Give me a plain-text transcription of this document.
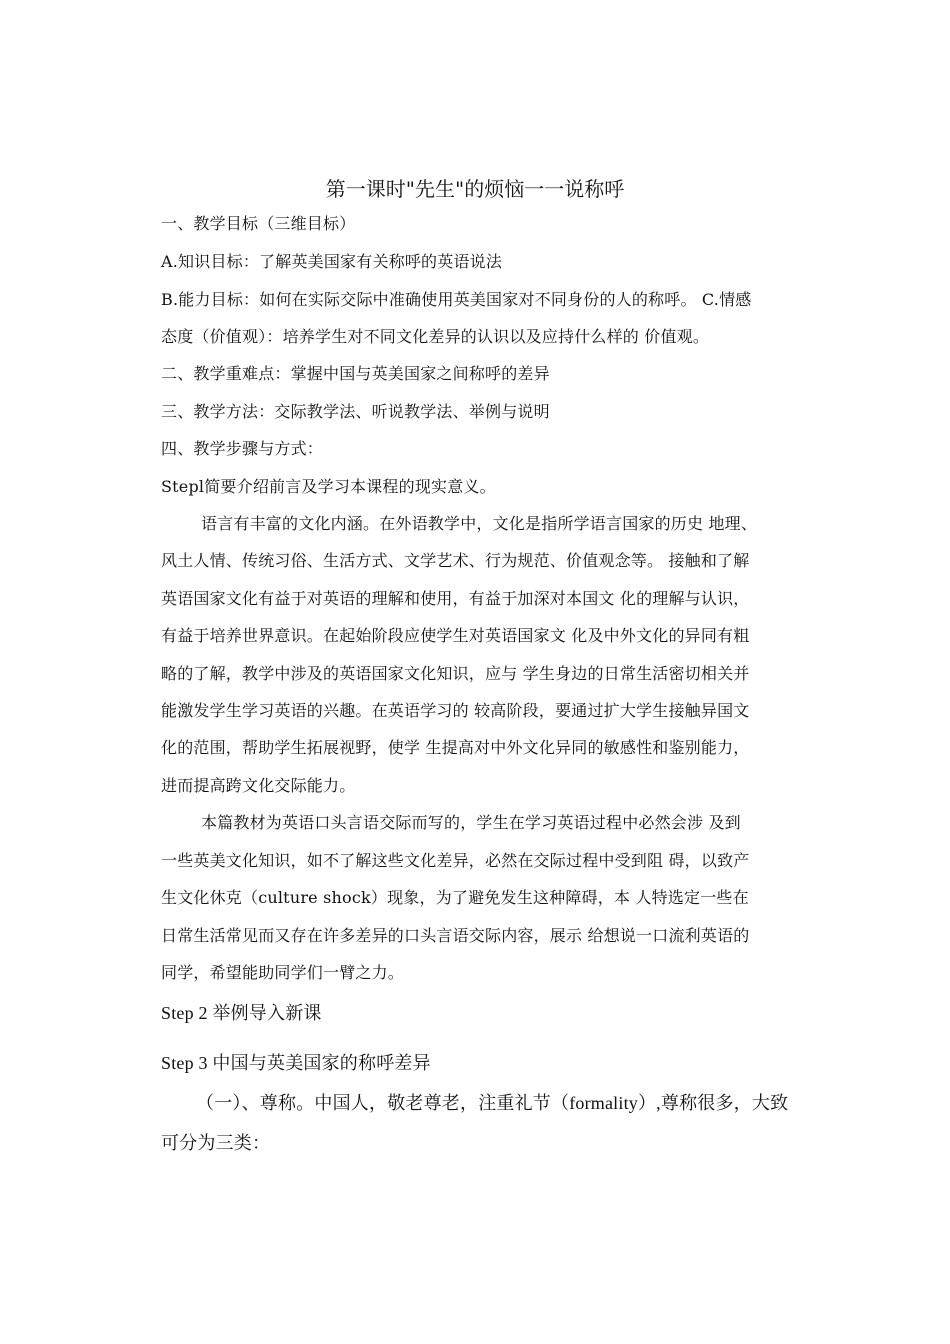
第一课时"先生"的烦恼一一说称呼
一、教学目标（三维目标）
A.知识目标：了解英美国家有关称呼的英语说法
B.能力目标：如何在实际交际中准确使用英美国家对不同身份的人的称呼。 C.情感
态度（价值观）：培养学生对不同文化差异的认识以及应持什么样的 价值观。
二、教学重难点：掌握中国与英美国家之间称呼的差异
三、教学方法：交际教学法、听说教学法、举例与说明
四、教学步骤与方式：
Stepl简要介绍前言及学习本课程的现实意义。
语言有丰富的文化内涵。在外语教学中，文化是指所学语言国家的历史 地理、
风土人情、传统习俗、生活方式、文学艺术、行为规范、价值观念等。 接触和了解
英语国家文化有益于对英语的理解和使用，有益于加深对本国文 化的理解与认识，
有益于培养世界意识。在起始阶段应使学生对英语国家文 化及中外文化的异同有粗
略的了解，教学中涉及的英语国家文化知识，应与 学生身边的日常生活密切相关并
能激发学生学习英语的兴趣。在英语学习的 较高阶段，要通过扩大学生接触异国文
化的范围，帮助学生拓展视野，使学 生提高对中外文化异同的敏感性和鉴别能力，
进而提高跨文化交际能力。
本篇教材为英语口头言语交际而写的，学生在学习英语过程中必然会涉 及到
一些英美文化知识，如不了解这些文化差异，必然在交际过程中受到阻 碍，以致产
生文化休克（culture shock）现象，为了避免发生这种障碍，本 人特选定一些在
日常生活常见而又存在许多差异的口头言语交际内容，展示 给想说一口流利英语的
同学，希望能助同学们一臂之力。
Step 2 举例导入新课
Step 3 中国与英美国家的称呼差异
（一）、尊称。中国人，敬老尊老，注重礼节（formality）,尊称很多，大致
可分为三类：
